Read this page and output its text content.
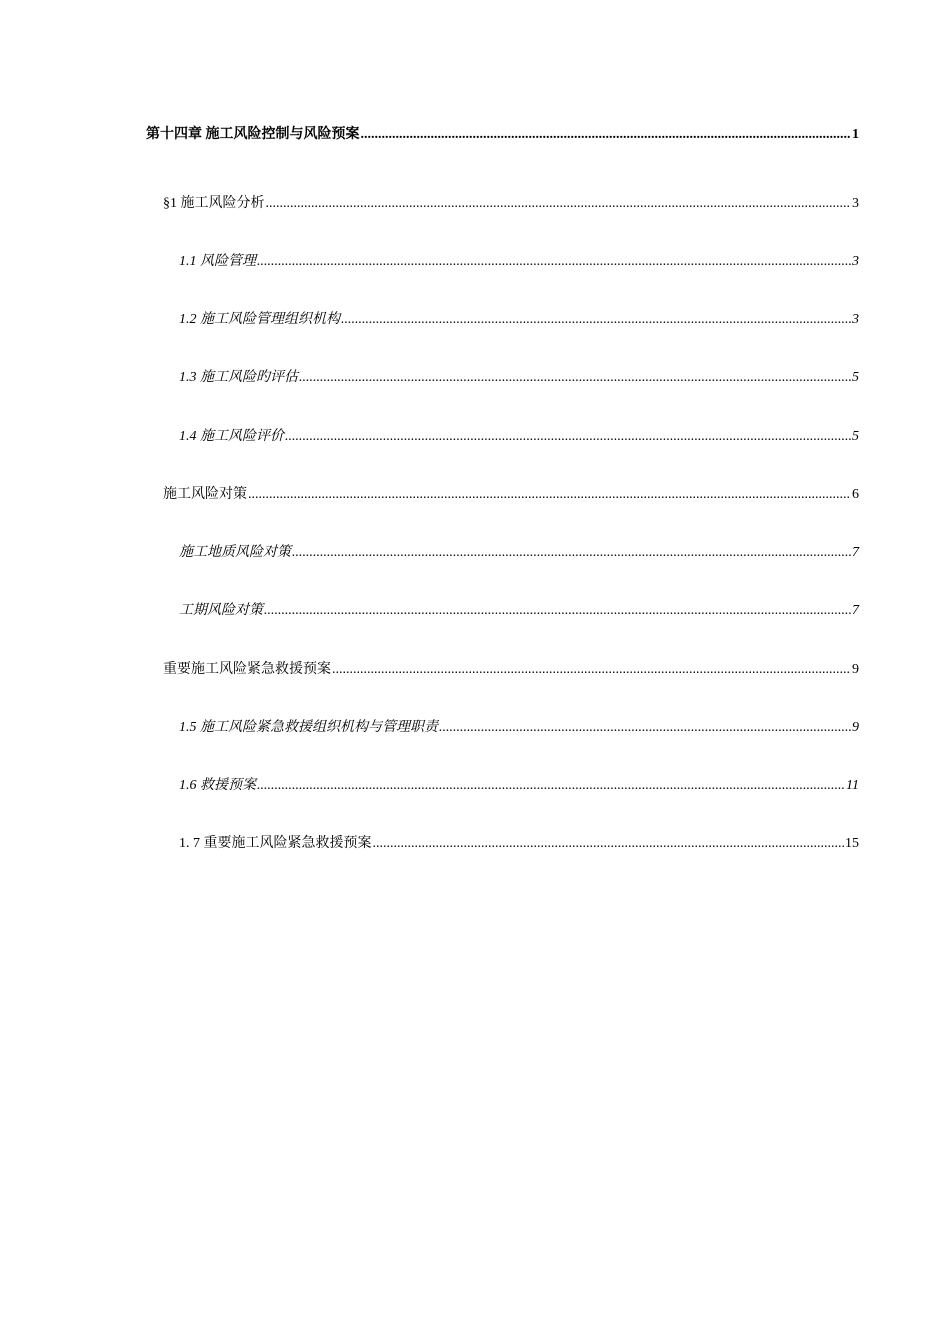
第十四章 施工风险控制与风险预案 .....	1
§1 施工风险分析 .....	3
1.1 风险管理 .....	3
1.2 施工风险管理组织机构 .....	3
1.3 施工风险旳评估 .....	5
1.4 施工风险评价 .....	5
施工风险对策 .....	6
施工地质风险对策 .....	7
工期风险对策 .....	7
重要施工风险紧急救援预案 .....	9
1.5 施工风险紧急救援组织机构与管理职责 .....	9
1.6 救援预案 .....	11
1. 7 重要施工风险紧急救援预案 .....	15
